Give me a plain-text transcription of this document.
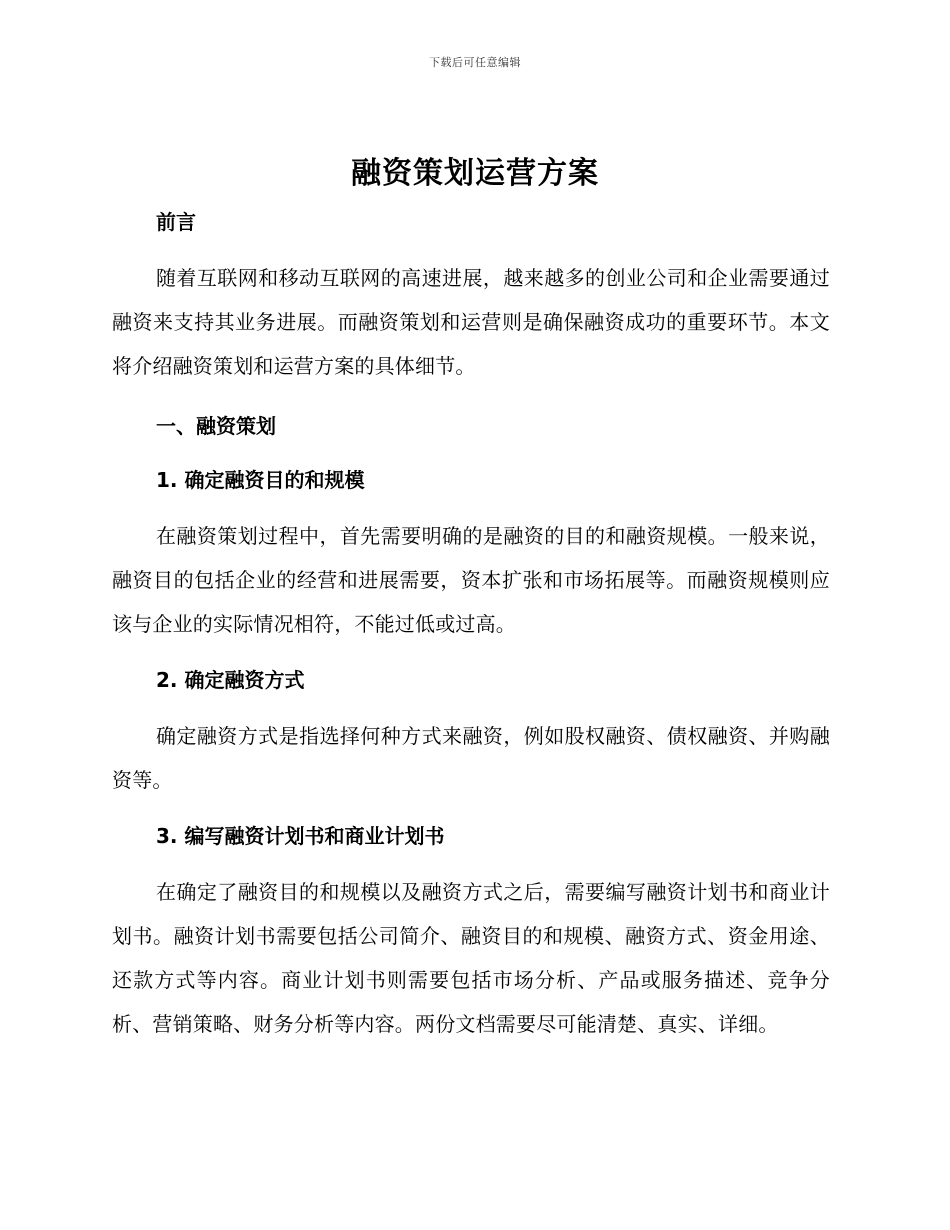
下载后可任意编辑
融资策划运营方案

前言

随着互联网和移动互联网的高速进展，越来越多的创业公司和企业需要通过融资来支持其业务进展。而融资策划和运营则是确保融资成功的重要环节。本文将介绍融资策划和运营方案的具体细节。

一、融资策划

1. 确定融资目的和规模

在融资策划过程中，首先需要明确的是融资的目的和融资规模。一般来说，融资目的包括企业的经营和进展需要，资本扩张和市场拓展等。而融资规模则应该与企业的实际情况相符，不能过低或过高。

2. 确定融资方式

确定融资方式是指选择何种方式来融资，例如股权融资、债权融资、并购融资等。

3. 编写融资计划书和商业计划书

在确定了融资目的和规模以及融资方式之后，需要编写融资计划书和商业计划书。融资计划书需要包括公司简介、融资目的和规模、融资方式、资金用途、还款方式等内容。商业计划书则需要包括市场分析、产品或服务描述、竞争分析、营销策略、财务分析等内容。两份文档需要尽可能清楚、真实、详细。
